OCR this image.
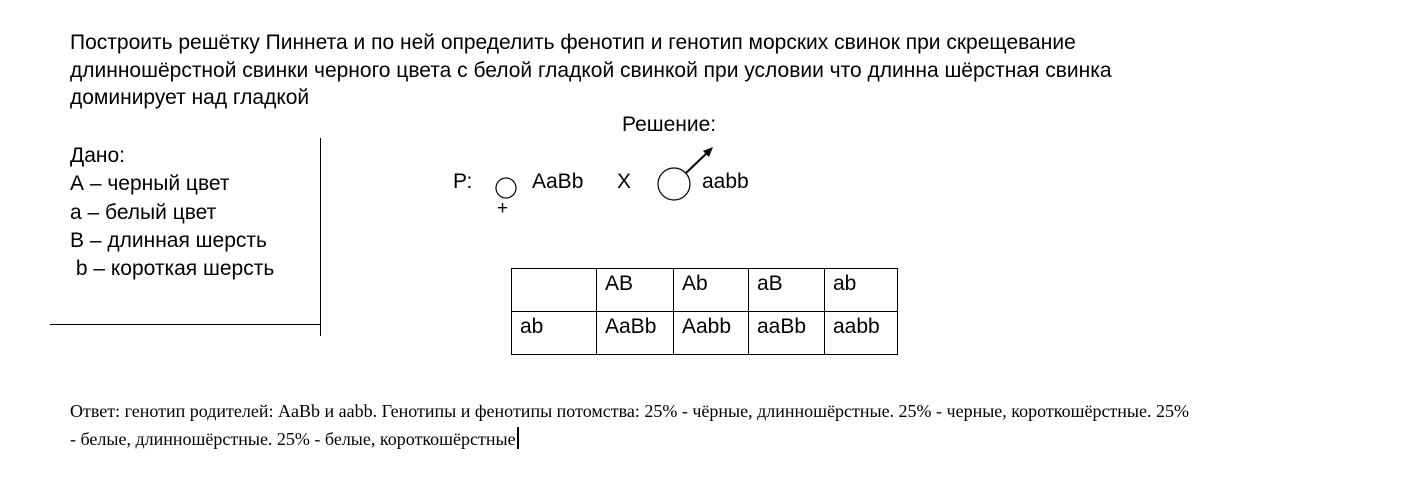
Построить решётку Пиннета и по ней определить фенотип и генотип морских свинок при скрещевание
длинношёрстной свинки черного цвета с белой гладкой свинкой при условии что длинна шёрстная свинка
доминирует над гладкой
Решение:
Дано:
А – черный цвет
а – белый цвет
В – длинная шерсть
b – короткая шерсть
Р:
+
AaBb X	aabb
	AB	Ab	aB	ab
ab	AaBb	Aabb	aaBb	aabb
Ответ: генотип родителей: AaBb и aabb. Генотипы и фенотипы потомства: 25% - чёрные, длинношёрстные. 25% - черные, короткошёрстные. 25%
- белые, длинношёрстные. 25% - белые, короткошёрстные
